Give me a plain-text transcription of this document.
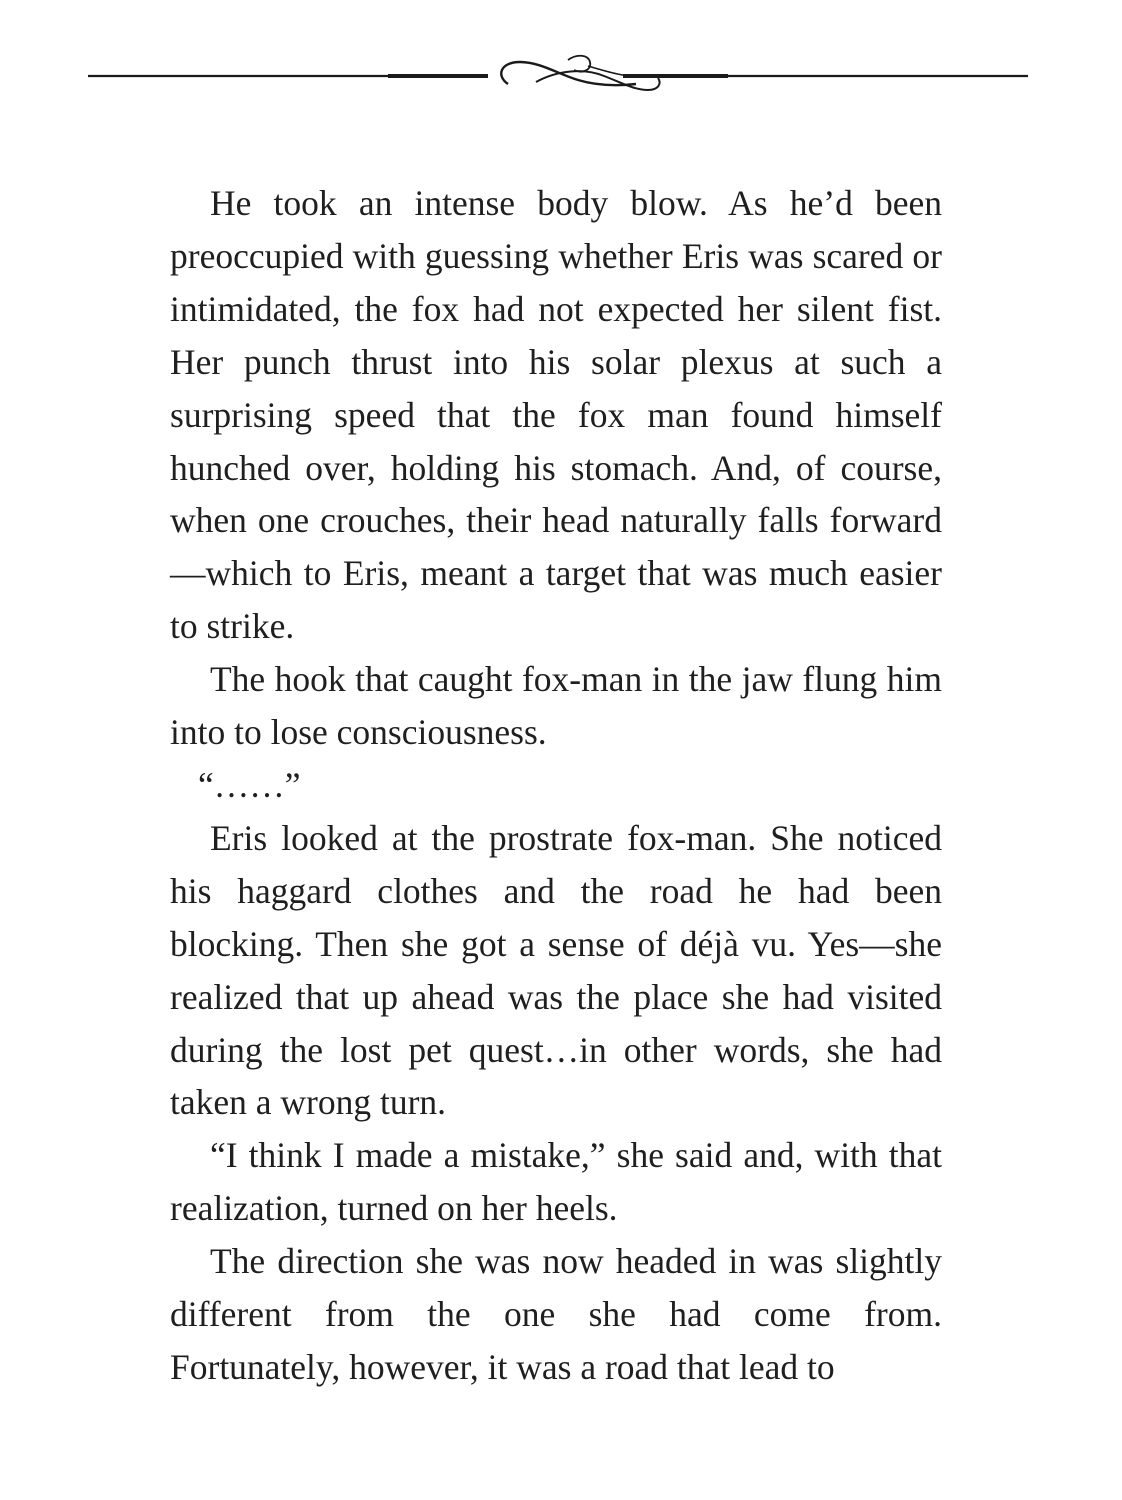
He took an intense body blow. As he’d been preoccupied with guessing whether Eris was scared or intimidated, the fox had not expected her silent fist. Her punch thrust into his solar plexus at such a surprising speed that the fox man found himself hunched over, holding his stomach. And, of course, when one crouches, their head naturally falls forward—which to Eris, meant a target that was much easier to strike.

The hook that caught fox-man in the jaw flung him into to lose consciousness.

“……”

Eris looked at the prostrate fox-man. She noticed his haggard clothes and the road he had been blocking. Then she got a sense of déjà vu. Yes—she realized that up ahead was the place she had visited during the lost pet quest…in other words, she had taken a wrong turn.

“I think I made a mistake,” she said and, with that realization, turned on her heels.

The direction she was now headed in was slightly different from the one she had come from. Fortunately, however, it was a road that lead to
